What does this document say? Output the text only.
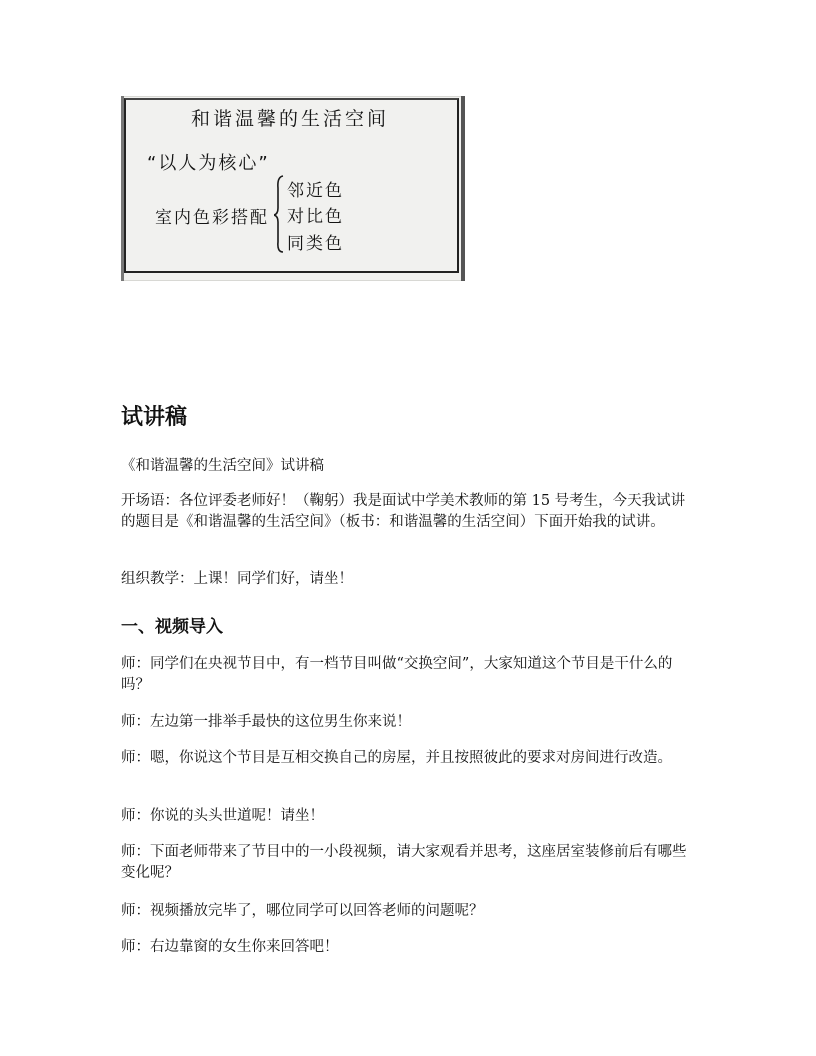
和谐温馨的生活空间
“以人为核心”
室内色彩搭配
邻近色
对比色
同类色
试讲稿

《和谐温馨的生活空间》试讲稿

开场语：各位评委老师好！（鞠躬）我是面试中学美术教师的第 15 号考生，今天我试讲的题目是《和谐温馨的生活空间》（板书：和谐温馨的生活空间）下面开始我的试讲。

组织教学：上课！同学们好，请坐！

一、视频导入

师：同学们在央视节目中，有一档节目叫做“交换空间”，大家知道这个节目是干什么的吗？

师：左边第一排举手最快的这位男生你来说！

师：嗯，你说这个节目是互相交换自己的房屋，并且按照彼此的要求对房间进行改造。

师：你说的头头世道呢！请坐！

师：下面老师带来了节目中的一小段视频，请大家观看并思考，这座居室装修前后有哪些变化呢？

师：视频播放完毕了，哪位同学可以回答老师的问题呢？

师：右边靠窗的女生你来回答吧！
